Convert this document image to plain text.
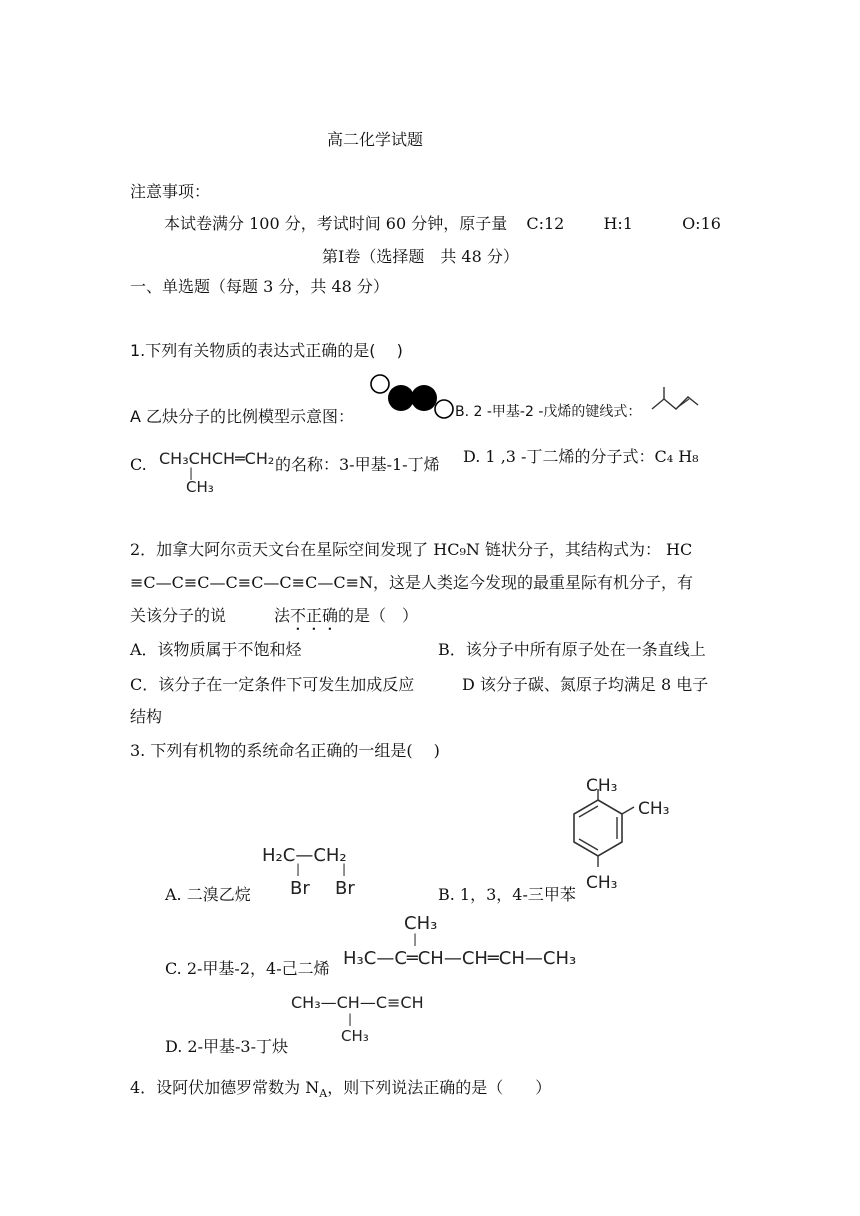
高二化学试题
注意事项：
本试卷满分 100 分，考试时间 60 分钟，原子量 C:12 H:1	O:16
第Ⅰ卷（选择题　共 48 分）
一、单选题（每题 3 分，共 48 分）
1.下列有关物质的表达式正确的是(　 )
A 乙炔分子的比例模型示意图：	B. 2 -甲基-2 -戊烯的键线式：
C. CH₃CHCH═CH₂
|
CH₃
的名称：3-甲基-1-丁烯 D. 1 ,3 -丁二烯的分子式：C₄ H₈
2．加拿大阿尔贡天文台在星际空间发现了 HC₉N 链状分子，其结构式为： HC
≡C—C≡C—C≡C—C≡C—C≡N，这是人类迄今发现的最重星际有机分子，有
关该分子的说	法不正确的是（　）
A．该物质属于不饱和烃	B．该分子中所有原子处在一条直线上
C．该分子在一定条件下可发生加成反应	D 该分子碳、氮原子均满足 8 电子
结构
3. 下列有机物的系统命名正确的一组是(　 )
H₂C—CH₂
|	|
Br Br
A. 二溴乙烷
CH₃
CH₃
CH₃
B. 1，3，4-三甲苯
CH₃
|
H₃C—C═CH—CH═CH—CH₃
C. 2-甲基-2，4-己二烯
CH₃—CH—C≡CH
|
CH₃
D. 2-甲基-3-丁炔
4．设阿伏加德罗常数为 $N_A$，则下列说法正确的是（　　）
